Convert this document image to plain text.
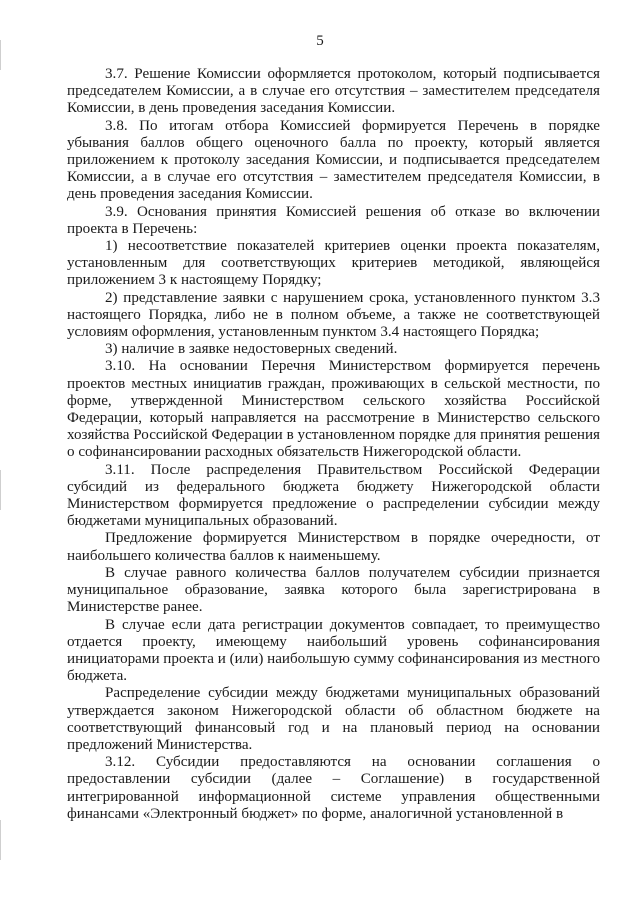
5

3.7. Решение Комиссии оформляется протоколом, который подписывается председателем Комиссии, а в случае его отсутствия – заместителем председателя Комиссии, в день проведения заседания Комиссии.

3.8. По итогам отбора Комиссией формируется Перечень в порядке убывания баллов общего оценочного балла по проекту, который является приложением к протоколу заседания Комиссии, и подписывается председателем Комиссии, а в случае его отсутствия – заместителем председателя Комиссии, в день проведения заседания Комиссии.

3.9. Основания принятия Комиссией решения об отказе во включении проекта в Перечень:

1) несоответствие показателей критериев оценки проекта показателям, установленным для соответствующих критериев методикой, являющейся приложением 3 к настоящему Порядку;

2) представление заявки с нарушением срока, установленного пунктом 3.3 настоящего Порядка, либо не в полном объеме, а также не соответствующей условиям оформления, установленным пунктом 3.4 настоящего Порядка;

3) наличие в заявке недостоверных сведений.

3.10. На основании Перечня Министерством формируется перечень проектов местных инициатив граждан, проживающих в сельской местности, по форме, утвержденной Министерством сельского хозяйства Российской Федерации, который направляется на рассмотрение в Министерство сельского хозяйства Российской Федерации в установленном порядке для принятия решения о софинансировании расходных обязательств Нижегородской области.

3.11. После распределения Правительством Российской Федерации субсидий из федерального бюджета бюджету Нижегородской области Министерством формируется предложение о распределении субсидии между бюджетами муниципальных образований.

Предложение формируется Министерством в порядке очередности, от наибольшего количества баллов к наименьшему.

В случае равного количества баллов получателем субсидии признается муниципальное образование, заявка которого была зарегистрирована в Министерстве ранее.

В случае если дата регистрации документов совпадает, то преимущество отдается проекту, имеющему наибольший уровень софинансирования инициаторами проекта и (или) наибольшую сумму софинансирования из местного бюджета.

Распределение субсидии между бюджетами муниципальных образований утверждается законом Нижегородской области об областном бюджете на соответствующий финансовый год и на плановый период на основании предложений Министерства.

3.12. Субсидии предоставляются на основании соглашения о предоставлении субсидии (далее – Соглашение) в государственной интегрированной информационной системе управления общественными финансами «Электронный бюджет» по форме, аналогичной установленной в
